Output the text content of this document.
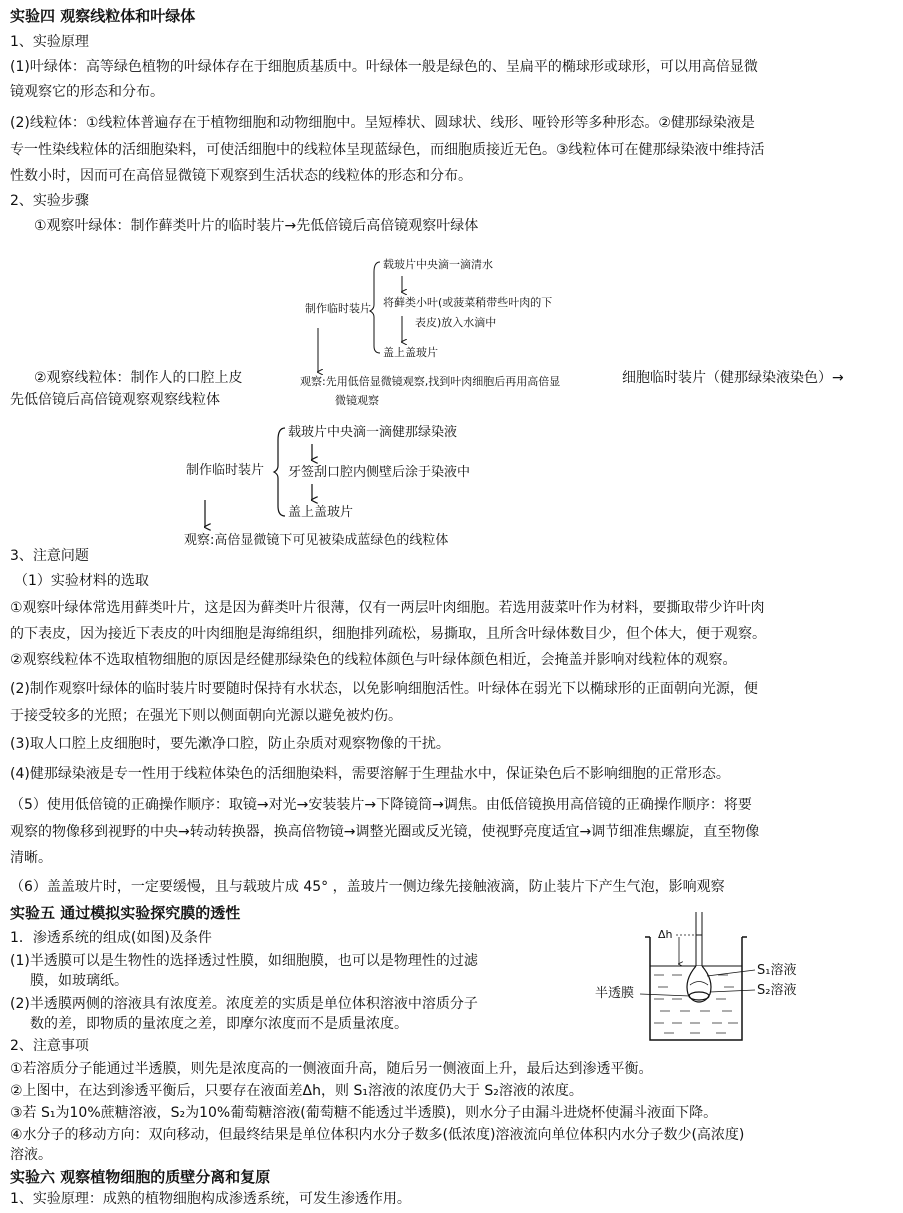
实验四 观察线粒体和叶绿体
1、实验原理
(1)叶绿体：高等绿色植物的叶绿体存在于细胞质基质中。叶绿体一般是绿色的、呈扁平的椭球形或球形，可以用高倍显微
镜观察它的形态和分布。
(2)线粒体：①线粒体普遍存在于植物细胞和动物细胞中。呈短棒状、圆球状、线形、哑铃形等多种形态。②健那绿染液是
专一性染线粒体的活细胞染料，可使活细胞中的线粒体呈现蓝绿色，而细胞质接近无色。③线粒体可在健那绿染液中维持活
性数小时，因而可在高倍显微镜下观察到生活状态的线粒体的形态和分布。
2、实验步骤
①观察叶绿体：制作藓类叶片的临时装片→先低倍镜后高倍镜观察叶绿体
制作临时装片
载玻片中央滴一滴清水
将藓类小叶(或菠菜稍带些叶肉的下
表皮)放入水滴中
盖上盖玻片
观察:先用低倍显微镜观察,找到叶肉细胞后再用高倍显
微镜观察
②观察线粒体：制作人的口腔上皮
先低倍镜后高倍镜观察观察线粒体
细胞临时装片（健那绿染液染色）→
制作临时装片
载玻片中央滴一滴健那绿染液
牙签刮口腔内侧壁后涂于染液中
盖上盖玻片
观察:高倍显微镜下可见被染成蓝绿色的线粒体
3、注意问题
（1）实验材料的选取
①观察叶绿体常选用藓类叶片，这是因为藓类叶片很薄，仅有一两层叶肉细胞。若选用菠菜叶作为材料，要撕取带少许叶肉
的下表皮，因为接近下表皮的叶肉细胞是海绵组织，细胞排列疏松，易撕取，且所含叶绿体数目少，但个体大，便于观察。
②观察线粒体不选取植物细胞的原因是经健那绿染色的线粒体颜色与叶绿体颜色相近，会掩盖并影响对线粒体的观察。
(2)制作观察叶绿体的临时装片时要随时保持有水状态，以免影响细胞活性。叶绿体在弱光下以椭球形的正面朝向光源，便
于接受较多的光照；在强光下则以侧面朝向光源以避免被灼伤。
(3)取人口腔上皮细胞时，要先漱净口腔，防止杂质对观察物像的干扰。
(4)健那绿染液是专一性用于线粒体染色的活细胞染料，需要溶解于生理盐水中，保证染色后不影响细胞的正常形态。
（5）使用低倍镜的正确操作顺序：取镜→对光→安装装片→下降镜筒→调焦。由低倍镜换用高倍镜的正确操作顺序：将要
观察的物像移到视野的中央→转动转换器，换高倍物镜→调整光圈或反光镜，使视野亮度适宜→调节细准焦螺旋，直至物像
清晰。
（6）盖盖玻片时，一定要缓慢，且与载玻片成 45° ，盖玻片一侧边缘先接触液滴，防止装片下产生气泡，影响观察
实验五 通过模拟实验探究膜的透性
1．渗透系统的组成(如图)及条件
(1)半透膜可以是生物性的选择透过性膜，如细胞膜，也可以是物理性的过滤
膜，如玻璃纸。
(2)半透膜两侧的溶液具有浓度差。浓度差的实质是单位体积溶液中溶质分子
数的差，即物质的量浓度之差，即摩尔浓度而不是质量浓度。
Δh
半透膜
S₁溶液
S₂溶液
2、注意事项
①若溶质分子能通过半透膜，则先是浓度高的一侧液面升高，随后另一侧液面上升，最后达到渗透平衡。
②上图中，在达到渗透平衡后，只要存在液面差Δh，则 S₁溶液的浓度仍大于 S₂溶液的浓度。
③若 S₁为10%蔗糖溶液，S₂为10%葡萄糖溶液(葡萄糖不能透过半透膜)，则水分子由漏斗进烧杯使漏斗液面下降。
④水分子的移动方向：双向移动，但最终结果是单位体积内水分子数多(低浓度)溶液流向单位体积内水分子数少(高浓度)
溶液。
实验六 观察植物细胞的质壁分离和复原
1、实验原理：成熟的植物细胞构成渗透系统，可发生渗透作用。
